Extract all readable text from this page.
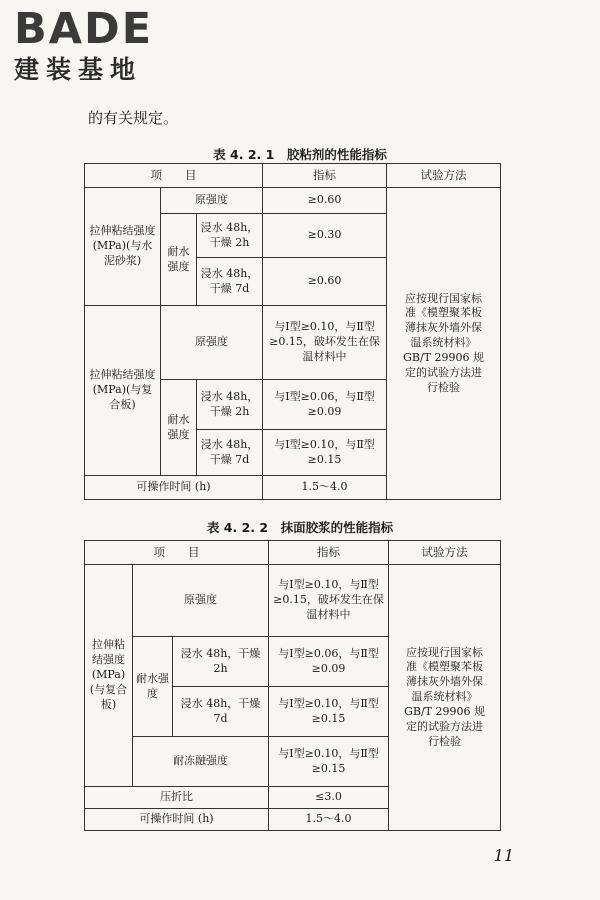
BADE
建装基地

的有关规定。

表 4. 2. 1　胶粘剂的性能指标

项　　目			指标	试验方法
拉伸粘结强度(MPa)(与水泥砂浆)	原强度		≥0.60	应按现行国家标准《模塑聚苯板薄抹灰外墙外保温系统材料》GB/T 29906 规定的试验方法进行检验
	耐水强度	浸水 48h，干燥 2h	≥0.30	
		浸水 48h，干燥 7d	≥0.60	
拉伸粘结强度(MPa)(与复合板)	原强度		与Ⅰ型≥0.10，与Ⅱ型≥0.15，破坏发生在保温材料中	
	耐水强度	浸水 48h，干燥 2h	与Ⅰ型≥0.06，与Ⅱ型≥0.09	
		浸水 48h，干燥 7d	与Ⅰ型≥0.10，与Ⅱ型≥0.15	
可操作时间 (h)			1.5～4.0	

表 4. 2. 2　抹面胶浆的性能指标

项　　目			指标	试验方法
拉伸粘结强度(MPa)(与复合板)	原强度		与Ⅰ型≥0.10，与Ⅱ型≥0.15，破坏发生在保温材料中	应按现行国家标准《模塑聚苯板薄抹灰外墙外保温系统材料》GB/T 29906 规定的试验方法进行检验
	耐水强度	浸水 48h，干燥 2h	与Ⅰ型≥0.06，与Ⅱ型≥0.09	
		浸水 48h，干燥 7d	与Ⅰ型≥0.10，与Ⅱ型≥0.15	
	耐冻融强度		与Ⅰ型≥0.10，与Ⅱ型≥0.15	
压折比			≤3.0	
可操作时间 (h)			1.5～4.0	

11
